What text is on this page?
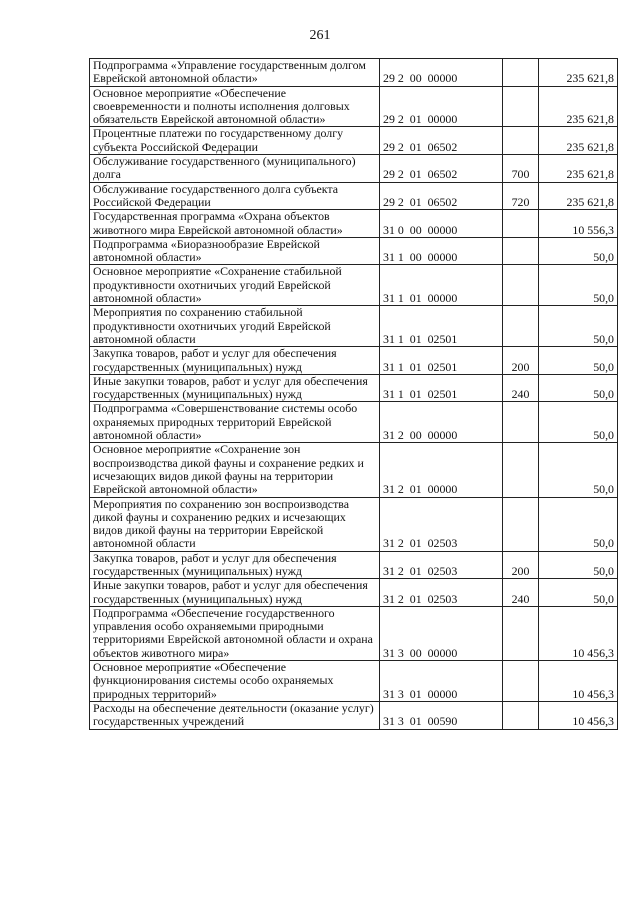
261
Подпрограмма «Управление государственным долгом Еврейской автономной области»	29 2  00  00000		235 621,8
Основное мероприятие «Обеспечение своевременности и полноты исполнения долговых обязательств Еврейской автономной области»	29 2  01  00000		235 621,8
Процентные платежи по государственному долгу субъекта Российской Федерации	29 2  01  06502		235 621,8
Обслуживание государственного (муниципального) долга	29 2  01  06502	700	235 621,8
Обслуживание государственного долга субъекта Российской Федерации	29 2  01  06502	720	235 621,8
Государственная программа «Охрана объектов животного мира Еврейской автономной области»	31 0  00  00000		10 556,3
Подпрограмма «Биоразнообразие Еврейской автономной области»	31 1  00  00000		50,0
Основное мероприятие «Сохранение стабильной продуктивности охотничьих угодий Еврейской автономной области»	31 1  01  00000		50,0
Мероприятия по сохранению стабильной продуктивности охотничьих угодий Еврейской автономной области	31 1  01  02501		50,0
Закупка товаров, работ и услуг для обеспечения государственных (муниципальных) нужд	31 1  01  02501	200	50,0
Иные закупки товаров, работ и услуг для обеспечения государственных (муниципальных) нужд	31 1  01  02501	240	50,0
Подпрограмма «Совершенствование системы особо охраняемых природных территорий Еврейской автономной области»	31 2  00  00000		50,0
Основное мероприятие «Сохранение зон воспроизводства дикой фауны и сохранение редких и исчезающих видов дикой фауны на территории Еврейской автономной области»	31 2  01  00000		50,0
Мероприятия по сохранению зон воспроизводства дикой фауны и сохранению редких и исчезающих видов дикой фауны на территории Еврейской автономной области	31 2  01  02503		50,0
Закупка товаров, работ и услуг для обеспечения государственных (муниципальных) нужд	31 2  01  02503	200	50,0
Иные закупки товаров, работ и услуг для обеспечения государственных (муниципальных) нужд	31 2  01  02503	240	50,0
Подпрограмма «Обеспечение государственного управления особо охраняемыми природными территориями Еврейской автономной области и охрана объектов животного мира»	31 3  00  00000		10 456,3
Основное мероприятие «Обеспечение функционирования системы особо охраняемых природных территорий»	31 3  01  00000		10 456,3
Расходы на обеспечение деятельности (оказание услуг) государственных учреждений	31 3  01  00590		10 456,3
